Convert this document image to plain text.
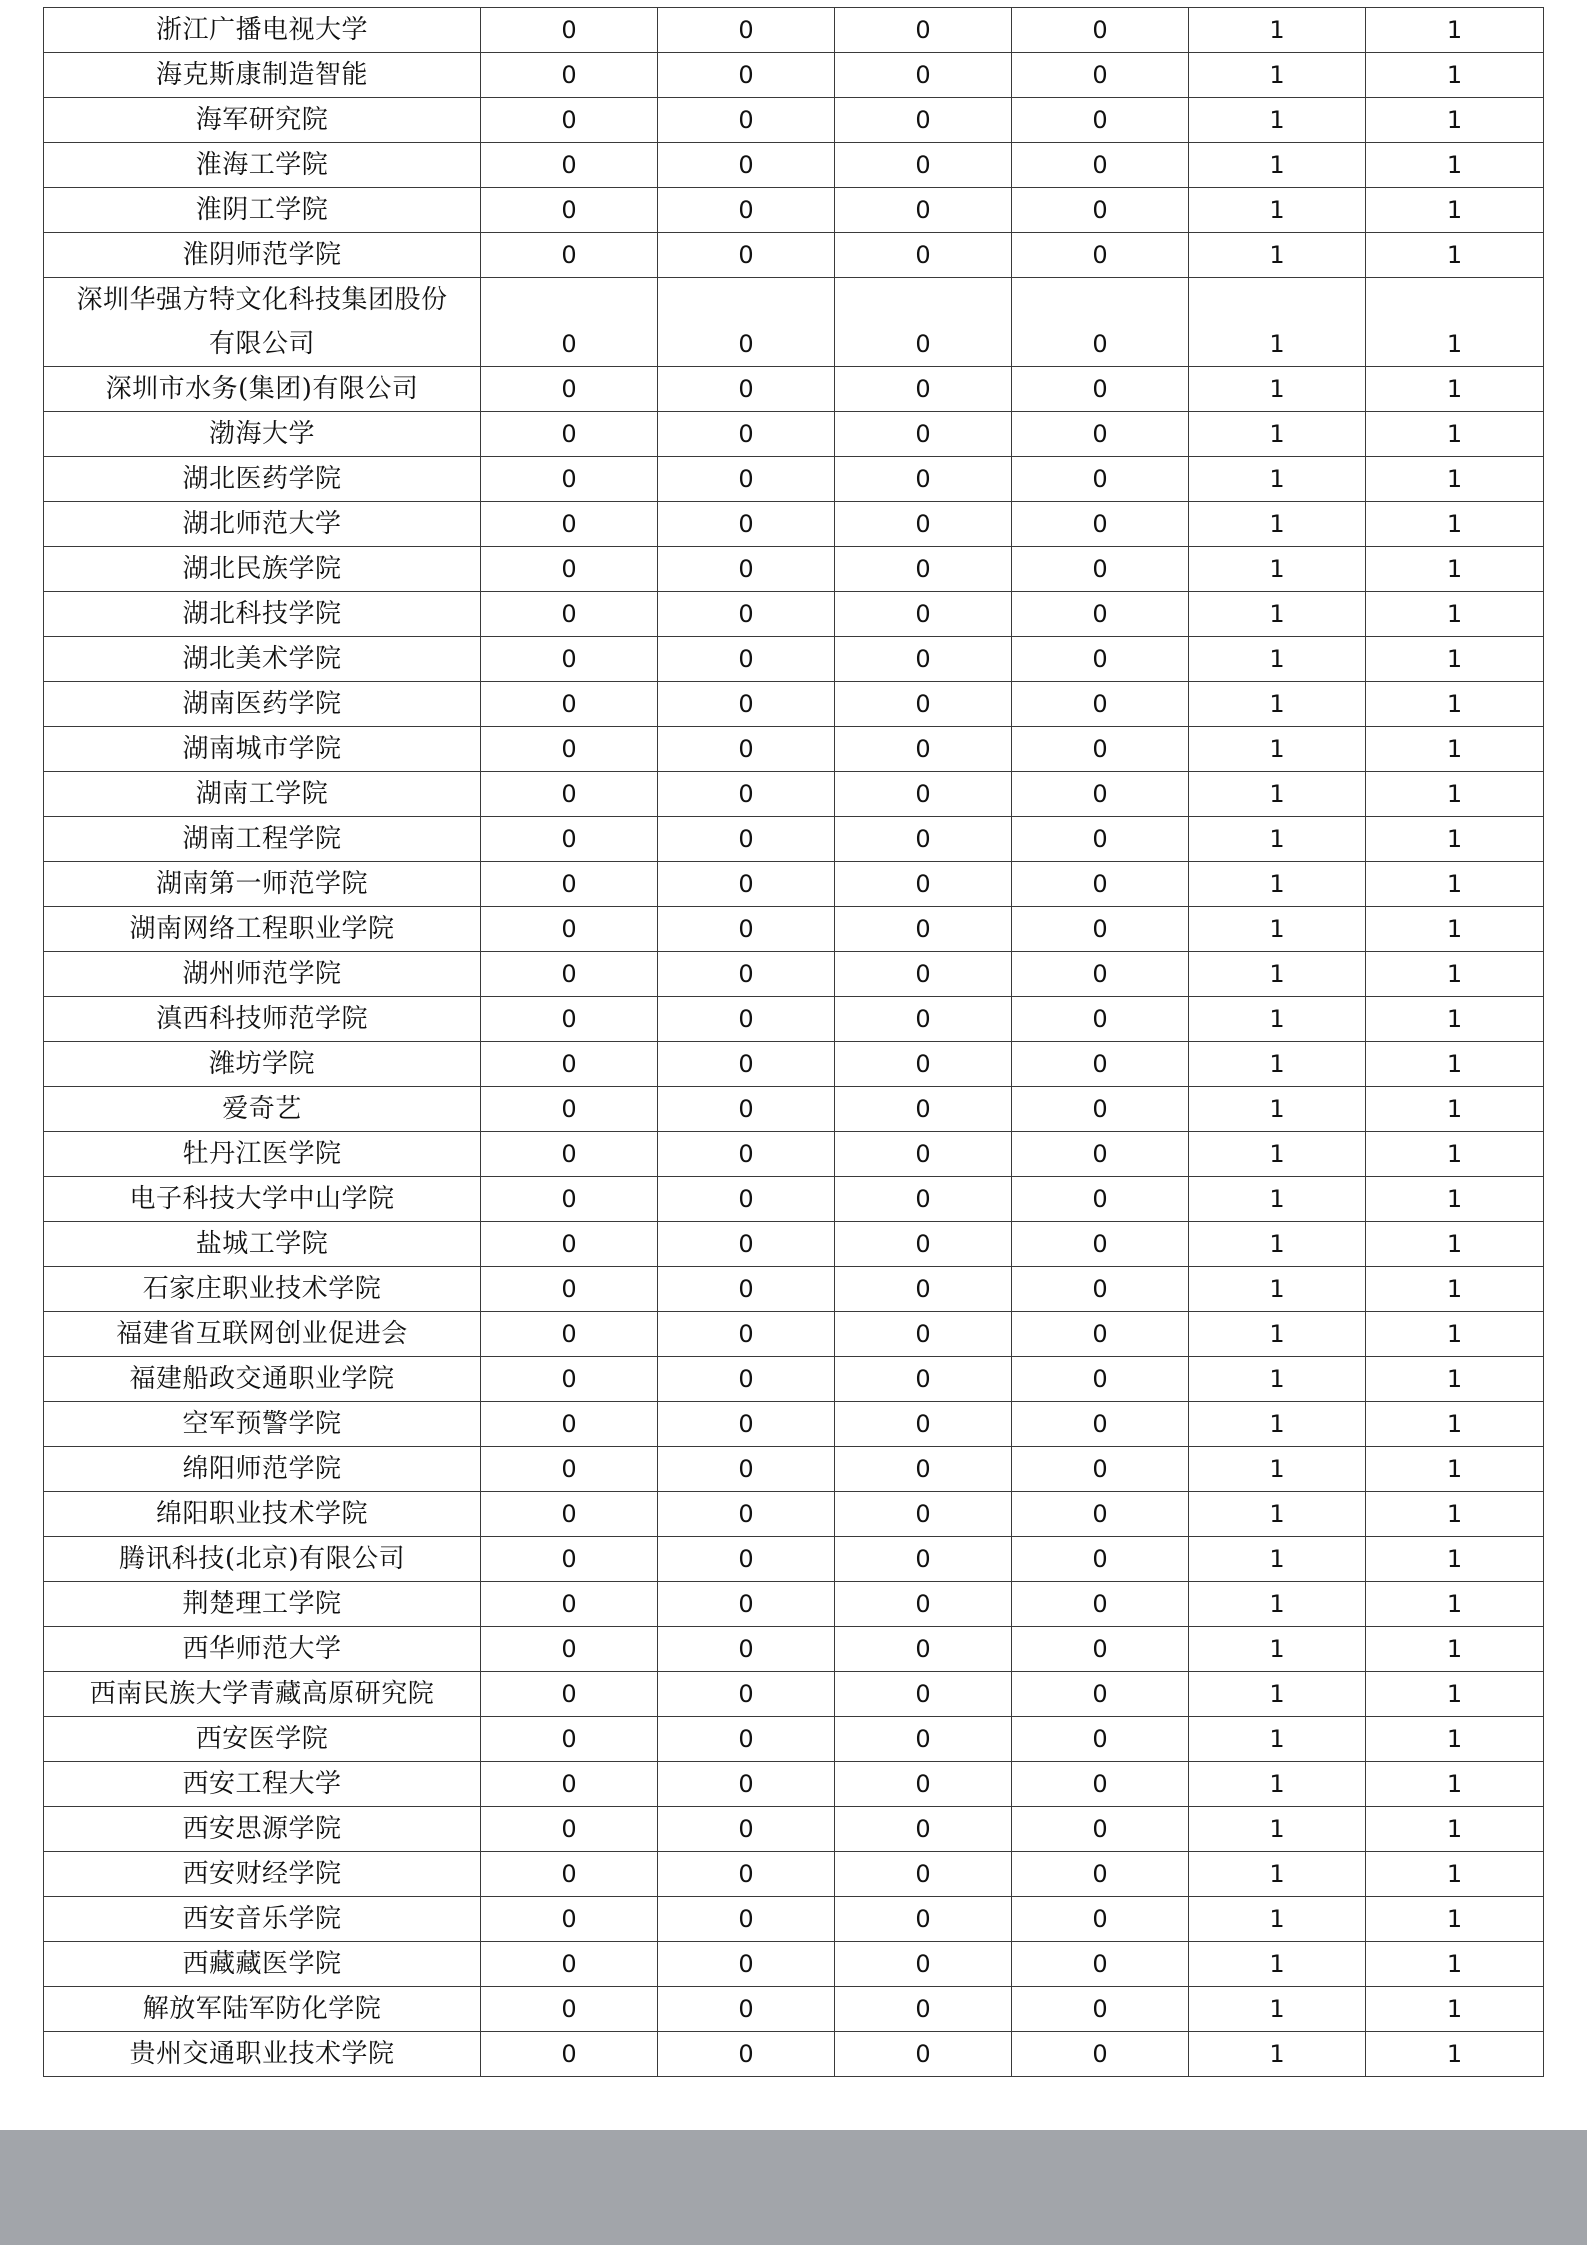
浙江广播电视大学	0	0	0	0	1	1

海克斯康制造智能	0	0	0	0	1	1

海军研究院	0	0	0	0	1	1

淮海工学院	0	0	0	0	1	1

淮阴工学院	0	0	0	0	1	1

淮阴师范学院	0	0	0	0	1	1

深圳华强方特文化科技集团股份
有限公司	0	0	0	0	1	1

深圳市水务(集团)有限公司	0	0	0	0	1	1

渤海大学	0	0	0	0	1	1

湖北医药学院	0	0	0	0	1	1

湖北师范大学	0	0	0	0	1	1

湖北民族学院	0	0	0	0	1	1

湖北科技学院	0	0	0	0	1	1

湖北美术学院	0	0	0	0	1	1

湖南医药学院	0	0	0	0	1	1

湖南城市学院	0	0	0	0	1	1

湖南工学院	0	0	0	0	1	1

湖南工程学院	0	0	0	0	1	1

湖南第一师范学院	0	0	0	0	1	1

湖南网络工程职业学院	0	0	0	0	1	1

湖州师范学院	0	0	0	0	1	1

滇西科技师范学院	0	0	0	0	1	1

潍坊学院	0	0	0	0	1	1

爱奇艺	0	0	0	0	1	1

牡丹江医学院	0	0	0	0	1	1

电子科技大学中山学院	0	0	0	0	1	1

盐城工学院	0	0	0	0	1	1

石家庄职业技术学院	0	0	0	0	1	1

福建省互联网创业促进会	0	0	0	0	1	1

福建船政交通职业学院	0	0	0	0	1	1

空军预警学院	0	0	0	0	1	1

绵阳师范学院	0	0	0	0	1	1

绵阳职业技术学院	0	0	0	0	1	1

腾讯科技(北京)有限公司	0	0	0	0	1	1

荆楚理工学院	0	0	0	0	1	1

西华师范大学	0	0	0	0	1	1

西南民族大学青藏高原研究院	0	0	0	0	1	1

西安医学院	0	0	0	0	1	1

西安工程大学	0	0	0	0	1	1

西安思源学院	0	0	0	0	1	1

西安财经学院	0	0	0	0	1	1

西安音乐学院	0	0	0	0	1	1

西藏藏医学院	0	0	0	0	1	1

解放军陆军防化学院	0	0	0	0	1	1

贵州交通职业技术学院	0	0	0	0	1	1
